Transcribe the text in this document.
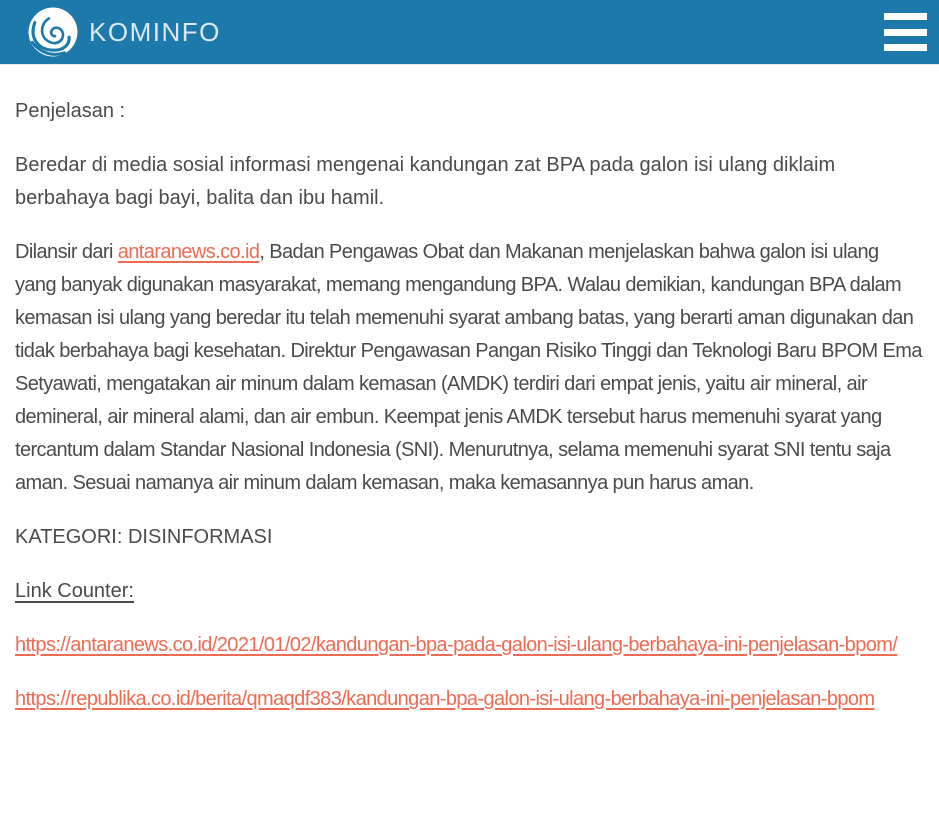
KOMINFO

Penjelasan :

Beredar di media sosial informasi mengenai kandungan zat BPA pada galon isi ulang diklaim berbahaya bagi bayi, balita dan ibu hamil.

Dilansir dari antaranews.co.id, Badan Pengawas Obat dan Makanan menjelaskan bahwa galon isi ulang yang banyak digunakan masyarakat, memang mengandung BPA. Walau demikian, kandungan BPA dalam kemasan isi ulang yang beredar itu telah memenuhi syarat ambang batas, yang berarti aman digunakan dan tidak berbahaya bagi kesehatan. Direktur Pengawasan Pangan Risiko Tinggi dan Teknologi Baru BPOM Ema Setyawati, mengatakan air minum dalam kemasan (AMDK) terdiri dari empat jenis, yaitu air mineral, air demineral, air mineral alami, dan air embun. Keempat jenis AMDK tersebut harus memenuhi syarat yang tercantum dalam Standar Nasional Indonesia (SNI). Menurutnya, selama memenuhi syarat SNI tentu saja aman. Sesuai namanya air minum dalam kemasan, maka kemasannya pun harus aman.

KATEGORI: DISINFORMASI

Link Counter:

https://antaranews.co.id/2021/01/02/kandungan-bpa-pada-galon-isi-ulang-berbahaya-ini-penjelasan-bpom/

https://republika.co.id/berita/qmaqdf383/kandungan-bpa-galon-isi-ulang-berbahaya-ini-penjelasan-bpom
